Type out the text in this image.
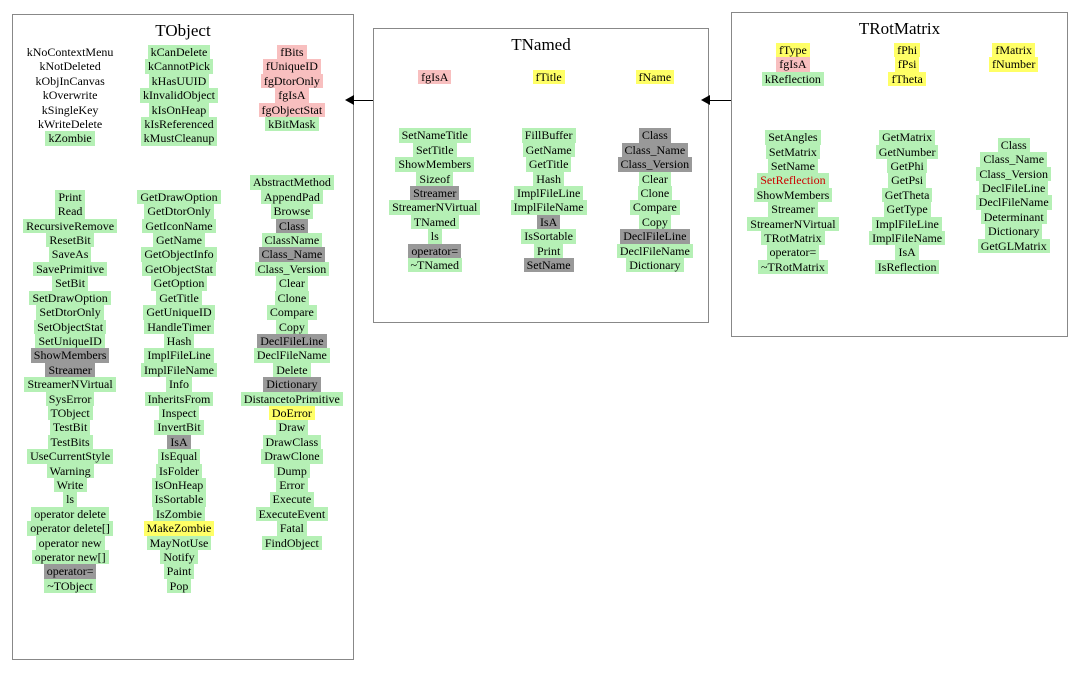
TObject
kNoContextMenu
kNotDeleted
kObjInCanvas
kOverwrite
kSingleKey
kWriteDelete
kZombie
Print
Read
RecursiveRemove
ResetBit
SaveAs
SavePrimitive
SetBit
SetDrawOption
SetDtorOnly
SetObjectStat
SetUniqueID
ShowMembers
Streamer
StreamerNVirtual
SysError
TObject
TestBit
TestBits
UseCurrentStyle
Warning
Write
ls
operator delete
operator delete[]
operator new
operator new[]
operator=
~TObject
kCanDelete
kCannotPick
kHasUUID
kInvalidObject
kIsOnHeap
kIsReferenced
kMustCleanup
GetDrawOption
GetDtorOnly
GetIconName
GetName
GetObjectInfo
GetObjectStat
GetOption
GetTitle
GetUniqueID
HandleTimer
Hash
ImplFileLine
ImplFileName
Info
InheritsFrom
Inspect
InvertBit
IsA
IsEqual
IsFolder
IsOnHeap
IsSortable
IsZombie
MakeZombie
MayNotUse
Notify
Paint
Pop
fBits
fUniqueID
fgDtorOnly
fgIsA
fgObjectStat
kBitMask
AbstractMethod
AppendPad
Browse
Class
ClassName
Class_Name
Class_Version
Clear
Clone
Compare
Copy
DeclFileLine
DeclFileName
Delete
Dictionary
DistancetoPrimitive
DoError
Draw
DrawClass
DrawClone
Dump
Error
Execute
ExecuteEvent
Fatal
FindObject
TNamed
fgIsA
SetNameTitle
SetTitle
ShowMembers
Sizeof
Streamer
StreamerNVirtual
TNamed
ls
operator=
~TNamed
fTitle
FillBuffer
GetName
GetTitle
Hash
ImplFileLine
ImplFileName
IsA
IsSortable
Print
SetName
fName
Class
Class_Name
Class_Version
Clear
Clone
Compare
Copy
DeclFileLine
DeclFileName
Dictionary
TRotMatrix
fType
fgIsA
kReflection
SetAngles
SetMatrix
SetName
SetReflection
ShowMembers
Streamer
StreamerNVirtual
TRotMatrix
operator=
~TRotMatrix
fPhi
fPsi
fTheta
GetMatrix
GetNumber
GetPhi
GetPsi
GetTheta
GetType
ImplFileLine
ImplFileName
IsA
IsReflection
fMatrix
fNumber
Class
Class_Name
Class_Version
DeclFileLine
DeclFileName
Determinant
Dictionary
GetGLMatrix
